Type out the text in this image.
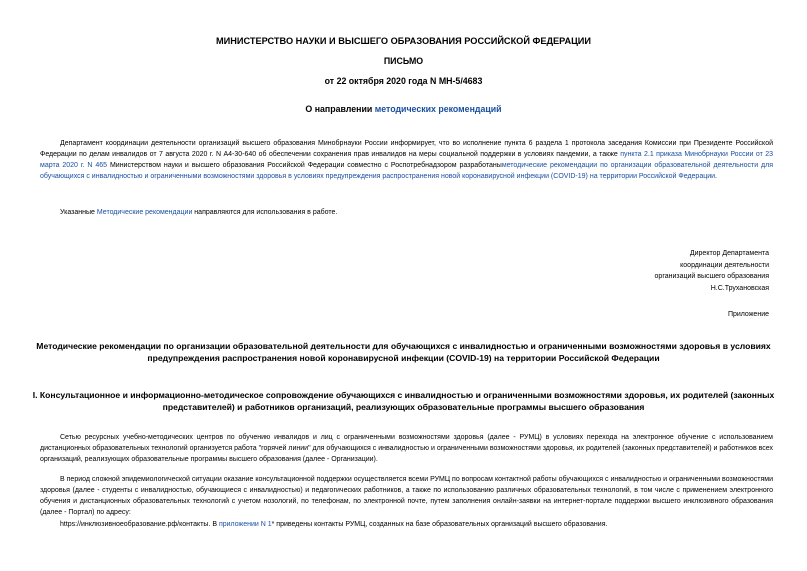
МИНИСТЕРСТВО НАУКИ И ВЫСШЕГО ОБРАЗОВАНИЯ РОССИЙСКОЙ ФЕДЕРАЦИИ
ПИСЬМО
от 22 октября 2020 года N МН-5/4683
О направлении методических рекомендаций

Департамент координации деятельности организаций высшего образования Минобрнауки России информирует, что во исполнение пункта 6 раздела 1 протокола заседания Комиссии при Президенте Российской Федерации по делам инвалидов от 7 августа 2020 г. N А4-30-640 об обеспечении сохранения прав инвалидов на меры социальной поддержки в условиях пандемии, а также пункта 2.1 приказа Минобрнауки России от 23 марта 2020 г. N 465 Министерством науки и высшего образования Российской Федерации совместно с Роспотребнадзором разработаныметодические рекомендации по организации образовательной деятельности для обучающихся с инвалидностью и ограниченными возможностями здоровья в условиях предупреждения распространения новой коронавирусной инфекции (COVID-19) на территории Российской Федерации.

Указанные Методические рекомендации направляются для использования в работе.

Директор Департамента
координации деятельности
организаций высшего образования
Н.С.Трухановская
Приложение
Методические рекомендации по организации образовательной деятельности для обучающихся с инвалидностью и ограниченными возможностями здоровья в условиях предупреждения распространения новой коронавирусной инфекции (COVID-19) на территории Российской Федерации
I. Консультационное и информационно-методическое сопровождение обучающихся с инвалидностью и ограниченными возможностями здоровья, их родителей (законных представителей) и работников организаций, реализующих образовательные программы высшего образования

Сетью ресурсных учебно-методических центров по обучению инвалидов и лиц с ограниченными возможностями здоровья (далее - РУМЦ) в условиях перехода на электронное обучение с использованием дистанционных образовательных технологий организуется работа "горячей линии" для обучающихся с инвалидностью и ограниченными возможностями здоровья, их родителей (законных представителей) и работников всех организаций, реализующих образовательные программы высшего образования (далее - Организации).

В период сложной эпидемиологической ситуации оказание консультационной поддержки осуществляется всеми РУМЦ по вопросам контактной работы обучающихся с инвалидностью и ограниченными возможностями здоровья (далее - студенты с инвалидностью, обучающиеся с инвалидностью) и педагогических работников, а также по использованию различных образовательных технологий, в том числе с применением электронного обучения и дистанционных образовательных технологий с учетом нозологий, по телефонам, по электронной почте, путем заполнения онлайн-заявки на интернет-портале поддержки высшего инклюзивного образования (далее - Портал) по адресу:

https://инклюзивноеобразование.рф/контакты. В приложении N 1* приведены контакты РУМЦ, созданных на базе образовательных организаций высшего образования.
